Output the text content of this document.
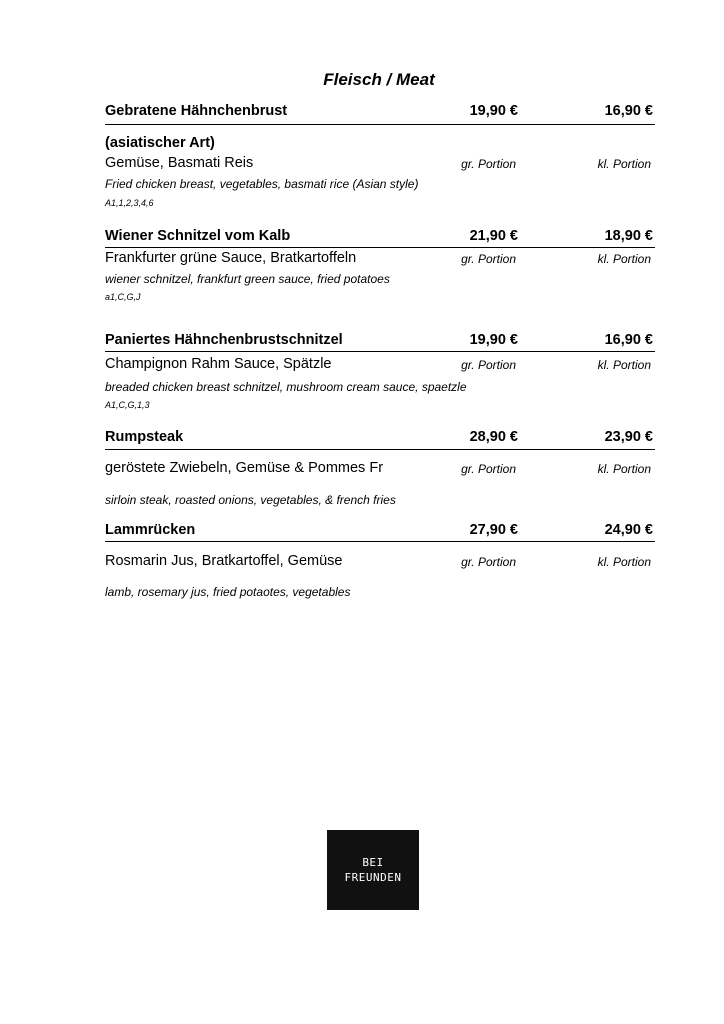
Fleisch / Meat
Gebratene Hähnchenbrust	19,90 €	16,90 €
(asiatischer Art)
Gemüse, Basmati Reis	gr. Portion	kl. Portion
Fried chicken breast, vegetables, basmati rice (Asian style)
A1,1,2,3,4,6
Wiener Schnitzel vom Kalb	21,90 €	18,90 €
Frankfurter grüne Sauce, Bratkartoffeln	gr. Portion	kl. Portion
wiener schnitzel, frankfurt green sauce, fried potatoes
a1,C,G,J
Paniertes Hähnchenbrustschnitzel	19,90 €	16,90 €
Champignon Rahm Sauce, Spätzle	gr. Portion	kl. Portion
breaded chicken breast schnitzel, mushroom cream sauce, spaetzle
A1,C,G,1,3
Rumpsteak	28,90 €	23,90 €
geröstete Zwiebeln, Gemüse & Pommes Fr	gr. Portion	kl. Portion
sirloin steak, roasted onions, vegetables, & french fries
Lammrücken	27,90 €	24,90 €
Rosmarin Jus, Bratkartoffel, Gemüse	gr. Portion	kl. Portion
lamb, rosemary jus, fried potaotes, vegetables
BEI
FREUNDEN
